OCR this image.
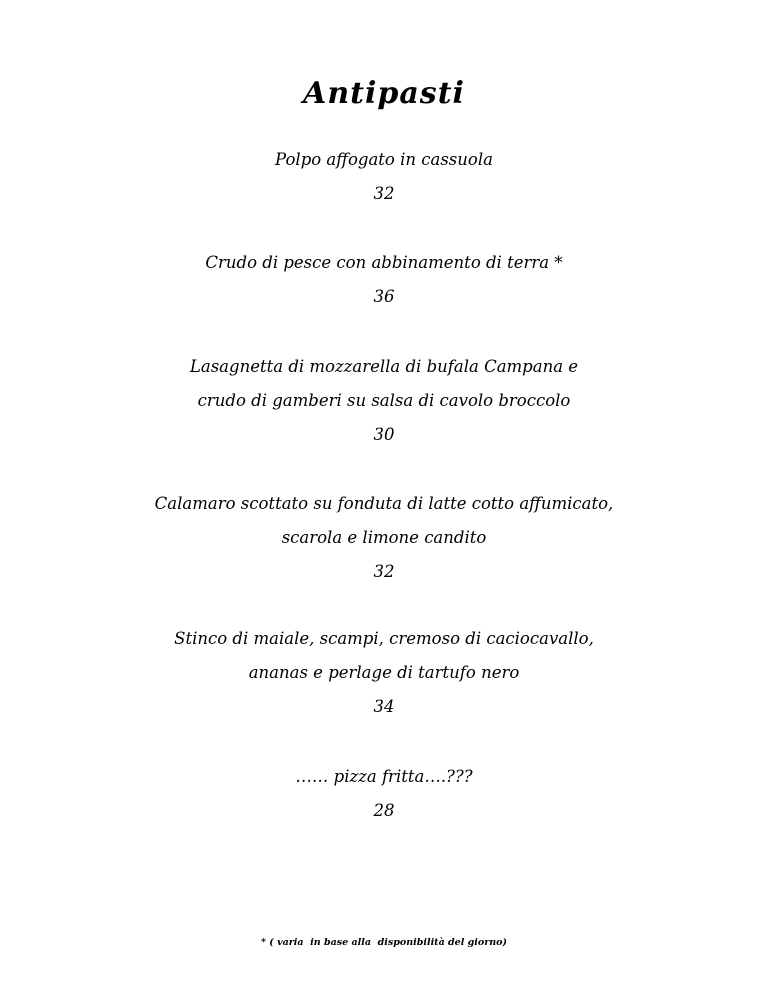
Antipasti
Polpo affogato in cassuola
32
Crudo di pesce con abbinamento di terra *
36
Lasagnetta di mozzarella di bufala Campana e
crudo di gamberi su salsa di cavolo broccolo
30
Calamaro scottato su fonduta di latte cotto affumicato,
scarola e limone candito
32
Stinco di maiale, scampi, cremoso di caciocavallo,
ananas e perlage di tartufo nero
34
…… pizza fritta….???
28
* ( varia  in base alla  disponibilità del giorno)
